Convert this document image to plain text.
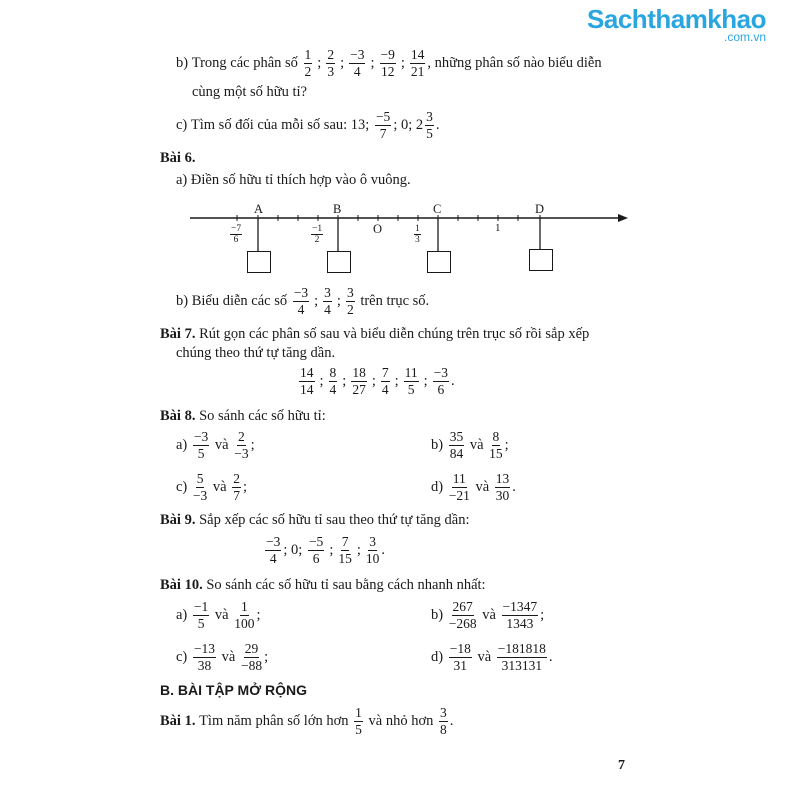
Sachthamkhao
.com.vn
b)
Trong các phân số
$\frac{1}{2}$ ; $\frac{2}{3}$ ; $\frac{-3}{4}$ ; $\frac{-9}{12}$ ; $\frac{14}{21}$ , những phân số nào biểu diễn
cùng một số hữu tỉ?
c)
Tìm số đối của mỗi số sau: 13;
$\frac{-5}{7}$ ; 0; $2 \frac{3}{5}$ .
Bài 6.
a) Điền số hữu tỉ thích hợp vào ô vuông.
A	B	C	D
O	1
$\frac{-7}{6}$	$\frac{-1}{2}$	$\frac{1}{3}$
b) Biểu diễn các số
$\frac{-3}{4}$ ; $\frac{3}{4}$ ; $\frac{3}{2}$
trên trục số.
Bài 7.
Rút gọn các phân số sau và biểu diễn chúng trên trục số rồi sắp xếp
chúng theo thứ tự tăng dần.
$\frac{14}{14}$ ; $\frac{8}{4}$ ; $\frac{18}{27}$ ; $\frac{7}{4}$ ; $\frac{11}{5}$ ; $\frac{-3}{6}$ .
Bài 8.
So sánh các số hữu tỉ:
a)
$\frac{-3}{5}$
và
$\frac{2}{-3}$ ;	b)
$\frac{35}{84}$
và
$\frac{8}{15}$ ;
c)
$\frac{5}{-3}$
và
$\frac{2}{7}$ ;	d)
$\frac{11}{-21}$
và
$\frac{13}{30}$ .
Bài 9.
Sắp xếp các số hữu tỉ sau theo thứ tự tăng dần:
$\frac{-3}{4}$ ; 0;
$\frac{-5}{6}$ ; $\frac{7}{15}$ ; $\frac{3}{10}$ .
Bài 10.
So sánh các số hữu tỉ sau bằng cách nhanh nhất:
a)
$\frac{-1}{5}$
và
$\frac{1}{100}$ ;	b)
$\frac{267}{-268}$
và
$\frac{-1347}{1343}$ ;
c)
$\frac{-13}{38}$
và
$\frac{29}{-88}$ ;	d)
$\frac{-18}{31}$
và
$\frac{-181818}{313131}$ .
B. BÀI TẬP MỞ RỘNG
Bài 1.
Tìm năm phân số lớn hơn
$\frac{1}{5}$
và nhỏ hơn
$\frac{3}{8}$ .
7
